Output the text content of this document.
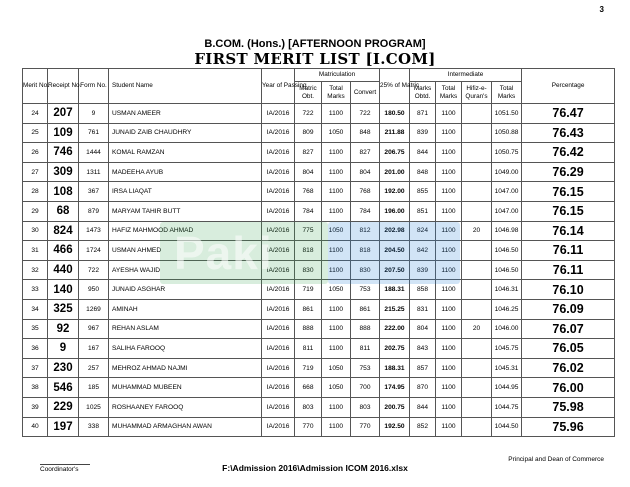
3
B.COM. (Hons.) [AFTERNOON PROGRAM]
FIRST MERIT LIST [I.COM]
Merit No.	Receipt No.	Form No.	Student Name	Year of Passing	Matriculation			25% of Matric	Intermediate				Percentage
					Matric Obt.	Total Marks	Convert		Marks Obtd.	Total Marks	Hifiz-e-Quran's	Total Marks	
24	207	9	USMAN AMEER	IA/2016	722	1100	722	180.50	871	1100		1051.50	76.47
25	109	761	JUNAID ZAIB CHAUDHRY	IA/2016	809	1050	848	211.88	839	1100		1050.88	76.43
26	746	1444	KOMAL RAMZAN	IA/2016	827	1100	827	206.75	844	1100		1050.75	76.42
27	309	1311	MADEEHA AYUB	IA/2016	804	1100	804	201.00	848	1100		1049.00	76.29
28	108	367	IRSA LIAQAT	IA/2016	768	1100	768	192.00	855	1100		1047.00	76.15
29	68	879	MARYAM TAHIR BUTT	IA/2016	784	1100	784	196.00	851	1100		1047.00	76.15
30	824	1473	HAFIZ MAHMOOD AHMAD	IA/2016	775	1050	812	202.98	824	1100	20	1046.98	76.14
31	466	1724	USMAN AHMED	IA/2016	818	1100	818	204.50	842	1100		1046.50	76.11
32	440	722	AYESHA WAJID	IA/2016	830	1100	830	207.50	839	1100		1046.50	76.11
33	140	950	JUNAID ASGHAR	IA/2016	719	1050	753	188.31	858	1100		1046.31	76.10
34	325	1269	AMINAH	IA/2016	861	1100	861	215.25	831	1100		1046.25	76.09
35	92	967	REHAN ASLAM	IA/2016	888	1100	888	222.00	804	1100	20	1046.00	76.07
36	9	167	SALIHA FAROOQ	IA/2016	811	1100	811	202.75	843	1100		1045.75	76.05
37	230	257	MEHROZ AHMAD NAJMI	IA/2016	719	1050	753	188.31	857	1100		1045.31	76.02
38	546	185	MUHAMMAD MUBEEN	IA/2016	668	1050	700	174.95	870	1100		1044.95	76.00
39	229	1025	ROSHAANEY FAROOQ	IA/2016	803	1100	803	200.75	844	1100		1044.75	75.98
40	197	338	MUHAMMAD ARMAGHAN AWAN	IA/2016	770	1100	770	192.50	852	1100		1044.50	75.96
Paki
Coordinator's	F:\Admission 2016\Admission ICOM 2016.xlsx
Principal and Dean of Commerce
